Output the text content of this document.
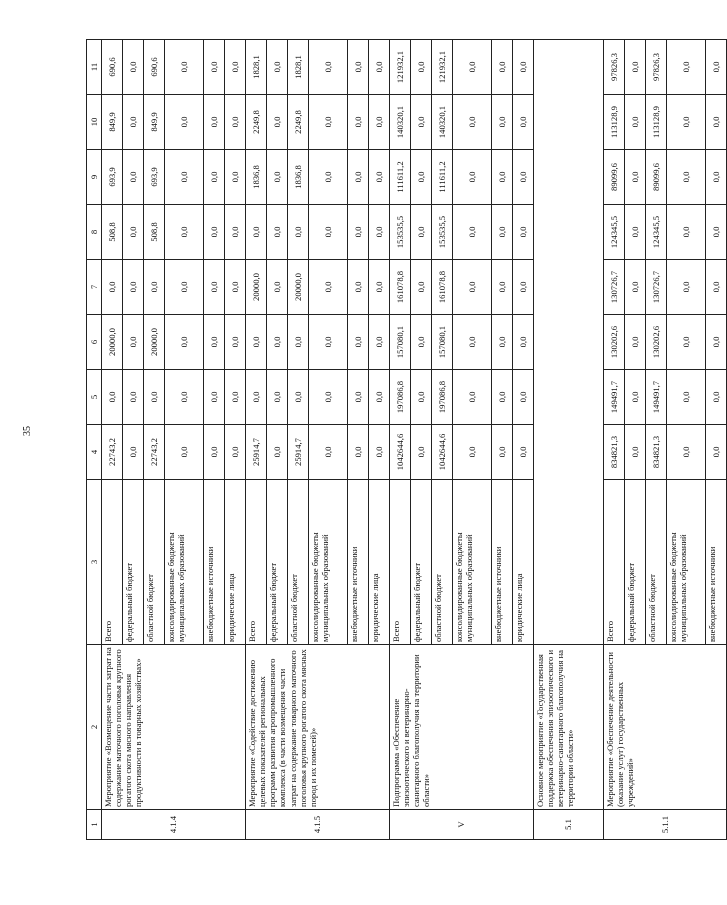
35
1	2	3	4	5	6	7	8	9	10	11
4.1.4	Мероприятие «Возмещение части затрат на содержание маточного поголовья крупного рогатого скота мясного направления продуктивности в товарных хозяйствах»	Всего	22743,2	0,0	20000,0	0,0	508,8	693,9	849,9	690,6
		федеральный бюджет	0,0	0,0	0,0	0,0	0,0	0,0	0,0	0,0
		областной бюджет	22743,2	0,0	20000,0	0,0	508,8	693,9	849,9	690,6
		консолидированные бюджеты муниципальных образований	0,0	0,0	0,0	0,0	0,0	0,0	0,0	0,0
		внебюджетные источники	0,0	0,0	0,0	0,0	0,0	0,0	0,0	0,0
		юридические лица	0,0	0,0	0,0	0,0	0,0	0,0	0,0	0,0
4.1.5	Мероприятие «Содействие достижению целевых показателей региональных программ развития агропромышленного комплекса (в части возмещения части затрат на содержание товарного маточного поголовья крупного рогатого скота мясных пород и их помесей)»	Всего	25914,7	0,0	0,0	20000,0	0,0	1836,8	2249,8	1828,1
		федеральный бюджет	0,0	0,0	0,0	0,0	0,0	0,0	0,0	0,0
		областной бюджет	25914,7	0,0	0,0	20000,0	0,0	1836,8	2249,8	1828,1
		консолидированные бюджеты муниципальных образований	0,0	0,0	0,0	0,0	0,0	0,0	0,0	0,0
		внебюджетные источники	0,0	0,0	0,0	0,0	0,0	0,0	0,0	0,0
		юридические лица	0,0	0,0	0,0	0,0	0,0	0,0	0,0	0,0
V	Подпрограмма «Обеспечение эпизоотического и ветеринарно-санитарного благополучия на территории области»	Всего	1042644,6	197086,8	157080,1	161078,8	153535,5	111611,2	140320,1	121932,1
		федеральный бюджет	0,0	0,0	0,0	0,0	0,0	0,0	0,0	0,0
		областной бюджет	1042644,6	197086,8	157080,1	161078,8	153535,5	111611,2	140320,1	121932,1
		консолидированные бюджеты муниципальных образований	0,0	0,0	0,0	0,0	0,0	0,0	0,0	0,0
		внебюджетные источники	0,0	0,0	0,0	0,0	0,0	0,0	0,0	0,0
		юридические лица	0,0	0,0	0,0	0,0	0,0	0,0	0,0	0,0
5.1	Основное мероприятие «Государственная поддержка обеспечения эпизоотического и ветеринарно-санитарного благополучия на территории области»									
5.1.1	Мероприятие «Обеспечение деятельности (оказание услуг) государственных учреждений»	Всего	834821,3	149491,7	130202,6	130726,7	124345,5	89099,6	113128,9	97826,3
		федеральный бюджет	0,0	0,0	0,0	0,0	0,0	0,0	0,0	0,0
		областной бюджет	834821,3	149491,7	130202,6	130726,7	124345,5	89099,6	113128,9	97826,3
		консолидированные бюджеты муниципальных образований	0,0	0,0	0,0	0,0	0,0	0,0	0,0	0,0
		внебюджетные источники	0,0	0,0	0,0	0,0	0,0	0,0	0,0	0,0
